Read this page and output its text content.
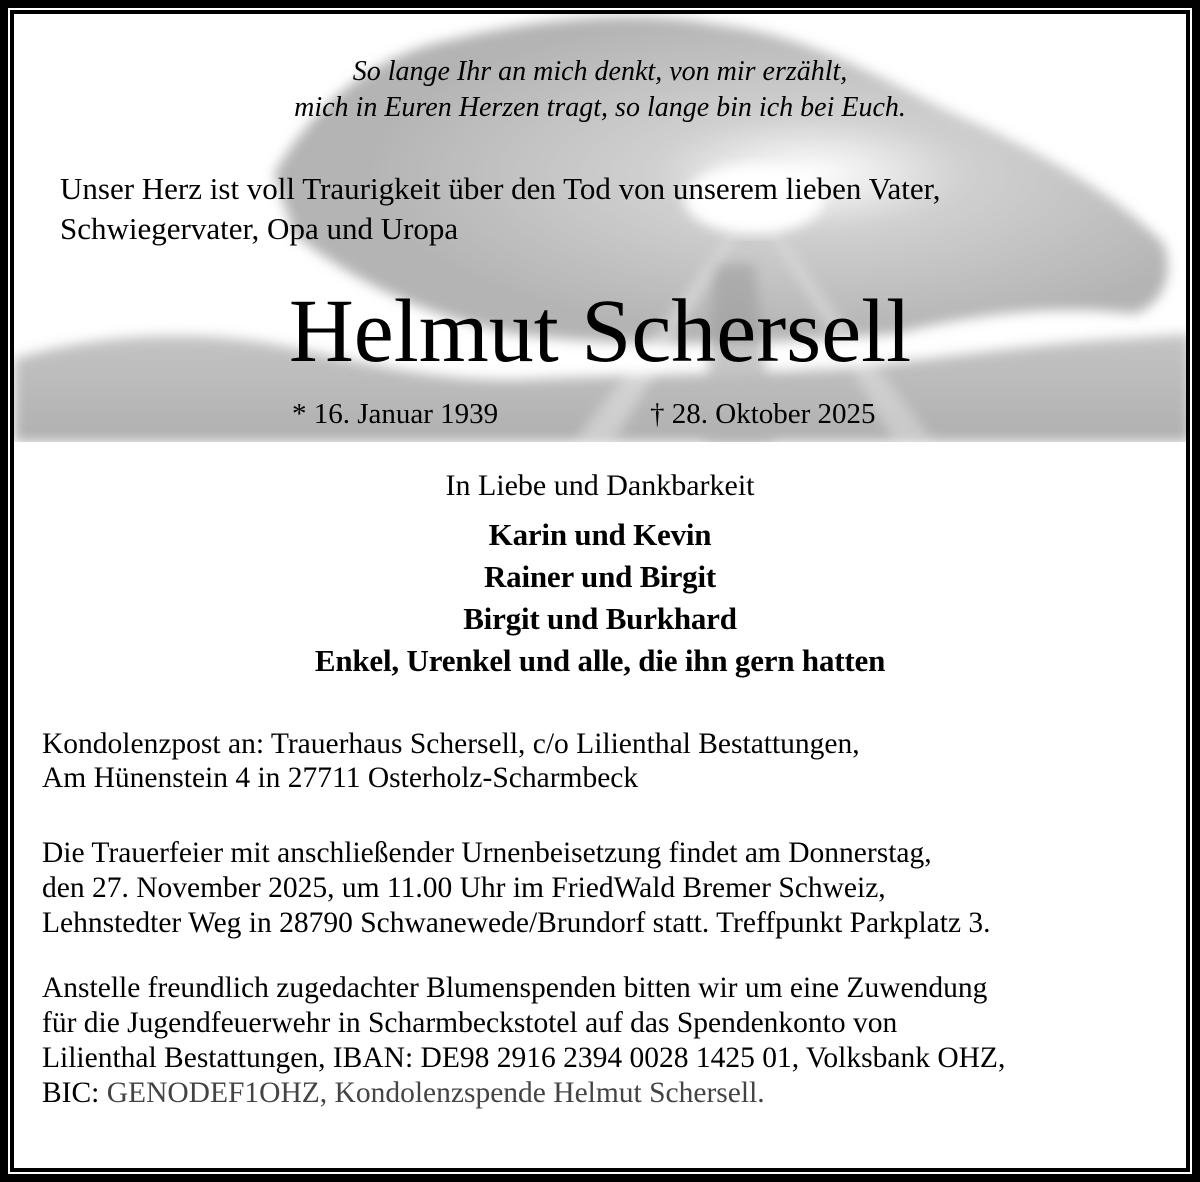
So lange Ihr an mich denkt, von mir erzählt,
mich in Euren Herzen tragt, so lange bin ich bei Euch.
Unser Herz ist voll Traurigkeit über den Tod von unserem lieben Vater,
Schwiegervater, Opa und Uropa
Helmut Schersell
* 16. Januar 1939	† 28. Oktober 2025
In Liebe und Dankbarkeit
Karin und Kevin
Rainer und Birgit
Birgit und Burkhard
Enkel, Urenkel und alle, die ihn gern hatten
Kondolenzpost an: Trauerhaus Schersell, c/o Lilienthal Bestattungen,
Am Hünenstein 4 in 27711 Osterholz-Scharmbeck
Die Trauerfeier mit anschließender Urnenbeisetzung findet am Donnerstag,
den 27. November 2025, um 11.00 Uhr im FriedWald Bremer Schweiz,
Lehnstedter Weg in 28790 Schwanewede/Brundorf statt. Treffpunkt Parkplatz 3.
Anstelle freundlich zugedachter Blumenspenden bitten wir um eine Zuwendung
für die Jugendfeuerwehr in Scharmbeckstotel auf das Spendenkonto von
Lilienthal Bestattungen, IBAN: DE98 2916 2394 0028 1425 01, Volksbank OHZ,
BIC: GENODEF1OHZ, Kondolenzspende Helmut Schersell.
